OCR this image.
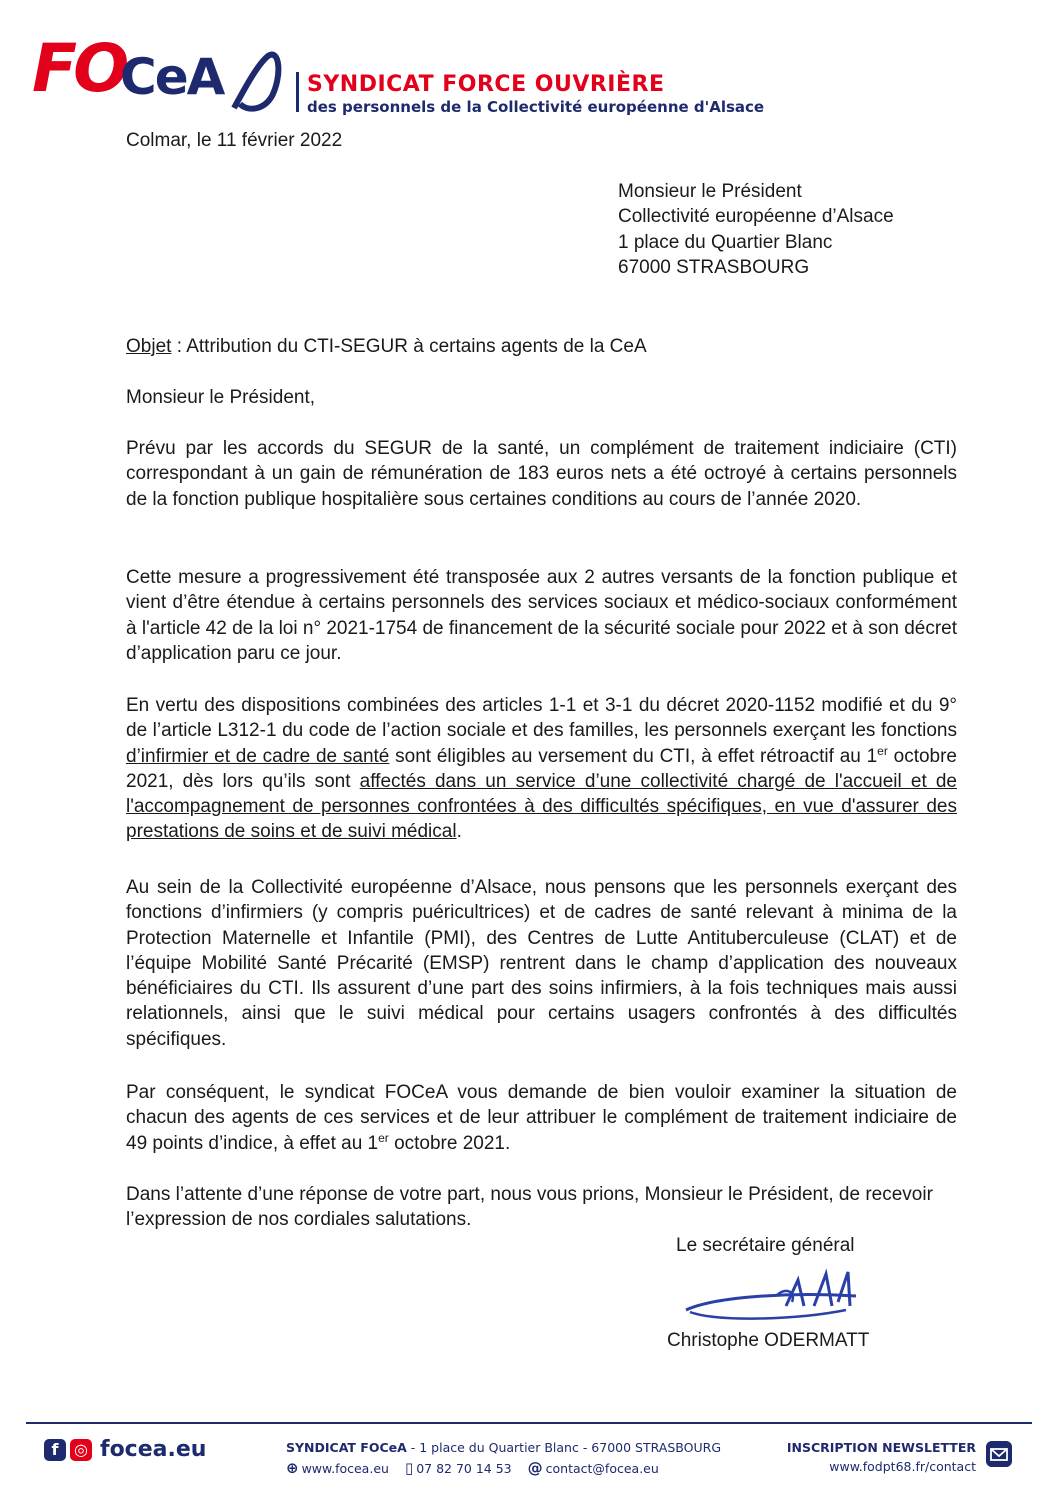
FO
CeA	SYNDICAT FORCE OUVRIÈRE
des personnels de la Collectivité européenne d'Alsace
Colmar, le 11 février 2022
Monsieur le Président
Collectivité européenne d’Alsace
1 place du Quartier Blanc
67000 STRASBOURG
Objet : Attribution du CTI-SEGUR à certains agents de la CeA
Monsieur le Président,
Prévu par les accords du SEGUR de la santé, un complément de traitement indiciaire (CTI) correspondant à un gain de rémunération de 183 euros nets a été octroyé à certains personnels de la fonction publique hospitalière sous certaines conditions au cours de l’année 2020.
Cette mesure a progressivement été transposée aux 2 autres versants de la fonction publique et vient d’être étendue à certains personnels des services sociaux et médico-sociaux conformément à l'article 42 de la loi n° 2021-1754 de financement de la sécurité sociale pour 2022 et à son décret d’application paru ce jour.
En vertu des dispositions combinées des articles 1-1 et 3-1 du décret 2020-1152 modifié et du 9° de l’article L312-1 du code de l’action sociale et des familles, les personnels exerçant les fonctions d’infirmier et de cadre de santé sont éligibles au versement du CTI, à effet rétroactif au 1er octobre 2021, dès lors qu’ils sont affectés dans un service d’une collectivité chargé de l'accueil et de l'accompagnement de personnes confrontées à des difficultés spécifiques, en vue d'assurer des prestations de soins et de suivi médical.
Au sein de la Collectivité européenne d’Alsace, nous pensons que les personnels exerçant des fonctions d’infirmiers (y compris puéricultrices) et de cadres de santé relevant à minima de la Protection Maternelle et Infantile (PMI), des Centres de Lutte Antituberculeuse (CLAT) et de l’équipe Mobilité Santé Précarité (EMSP) rentrent dans le champ d’application des nouveaux bénéficiaires du CTI. Ils assurent d’une part des soins infirmiers, à la fois techniques mais aussi relationnels, ainsi que le suivi médical pour certains usagers confrontés à des difficultés spécifiques.
Par conséquent, le syndicat FOCeA vous demande de bien vouloir examiner la situation de chacun des agents de ces services et de leur attribuer le complément de traitement indiciaire de 49 points d’indice, à effet au 1er octobre 2021.
Dans l’attente d’une réponse de votre part, nous vous prions, Monsieur le Président, de recevoir l’expression de nos cordiales salutations.
Le secrétaire général
Christophe ODERMATT
f ◎ focea.eu	SYNDICAT FOCeA - 1 place du Quartier Blanc - 67000 STRASBOURG
⊕ www.focea.eu ▯ 07 82 70 14 53 @ contact@focea.eu
INSCRIPTION NEWSLETTER
www.fodpt68.fr/contact
